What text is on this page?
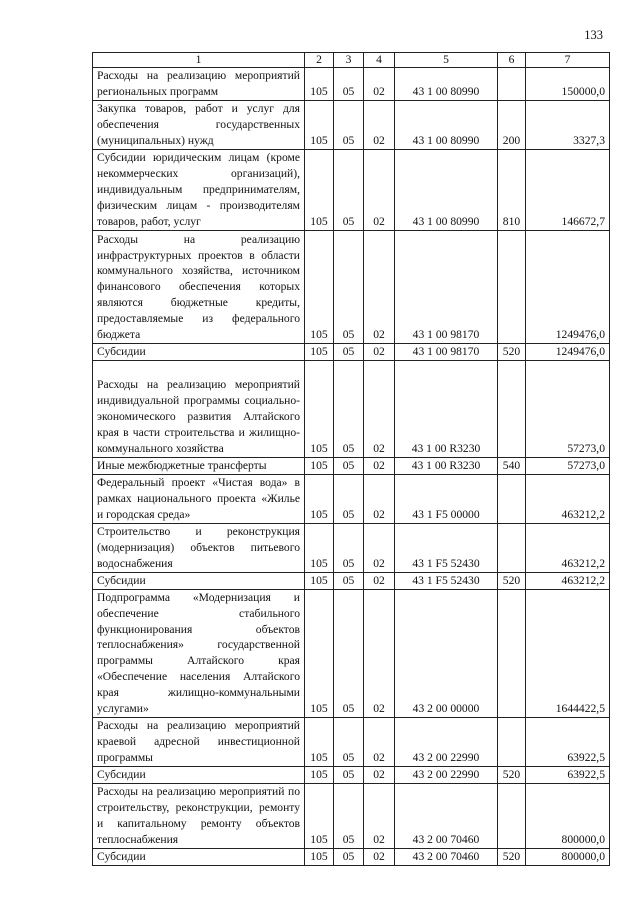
133
1	2	3	4	5	6	7
Расходы на реализацию мероприятий региональных программ	105	05	02	43 1 00 80990		150000,0
Закупка товаров, работ и услуг для обеспечения государственных (муниципальных) нужд	105	05	02	43 1 00 80990	200	3327,3
Субсидии юридическим лицам (кроме некоммерческих организаций), индивидуальным предпринимателям, физическим лицам - производителям товаров, работ, услуг	105	05	02	43 1 00 80990	810	146672,7
Расходы на реализацию инфраструктурных проектов в области коммунального хозяйства, источником финансового обеспечения которых являются бюджетные кредиты, предоставляемые из федерального бюджета	105	05	02	43 1 00 98170		1249476,0
Субсидии	105	05	02	43 1 00 98170	520	1249476,0
Расходы на реализацию мероприятий индивидуальной программы социально-экономического развития Алтайского края в части строительства и жилищно-коммунального хозяйства	105	05	02	43 1 00 R3230		57273,0
Иные межбюджетные трансферты	105	05	02	43 1 00 R3230	540	57273,0
Федеральный проект «Чистая вода» в рамках национального проекта «Жилье и городская среда»	105	05	02	43 1 F5 00000		463212,2
Строительство и реконструкция (модернизация) объектов питьевого водоснабжения	105	05	02	43 1 F5 52430		463212,2
Субсидии	105	05	02	43 1 F5 52430	520	463212,2
Подпрограмма «Модернизация и обеспечение стабильного функционирования объектов теплоснабжения» государственной программы Алтайского края «Обеспечение населения Алтайского края жилищно-коммунальными услугами»	105	05	02	43 2 00 00000		1644422,5
Расходы на реализацию мероприятий краевой адресной инвестиционной программы	105	05	02	43 2 00 22990		63922,5
Субсидии	105	05	02	43 2 00 22990	520	63922,5
Расходы на реализацию мероприятий по строительству, реконструкции, ремонту и капитальному ремонту объектов теплоснабжения	105	05	02	43 2 00 70460		800000,0
Субсидии	105	05	02	43 2 00 70460	520	800000,0
